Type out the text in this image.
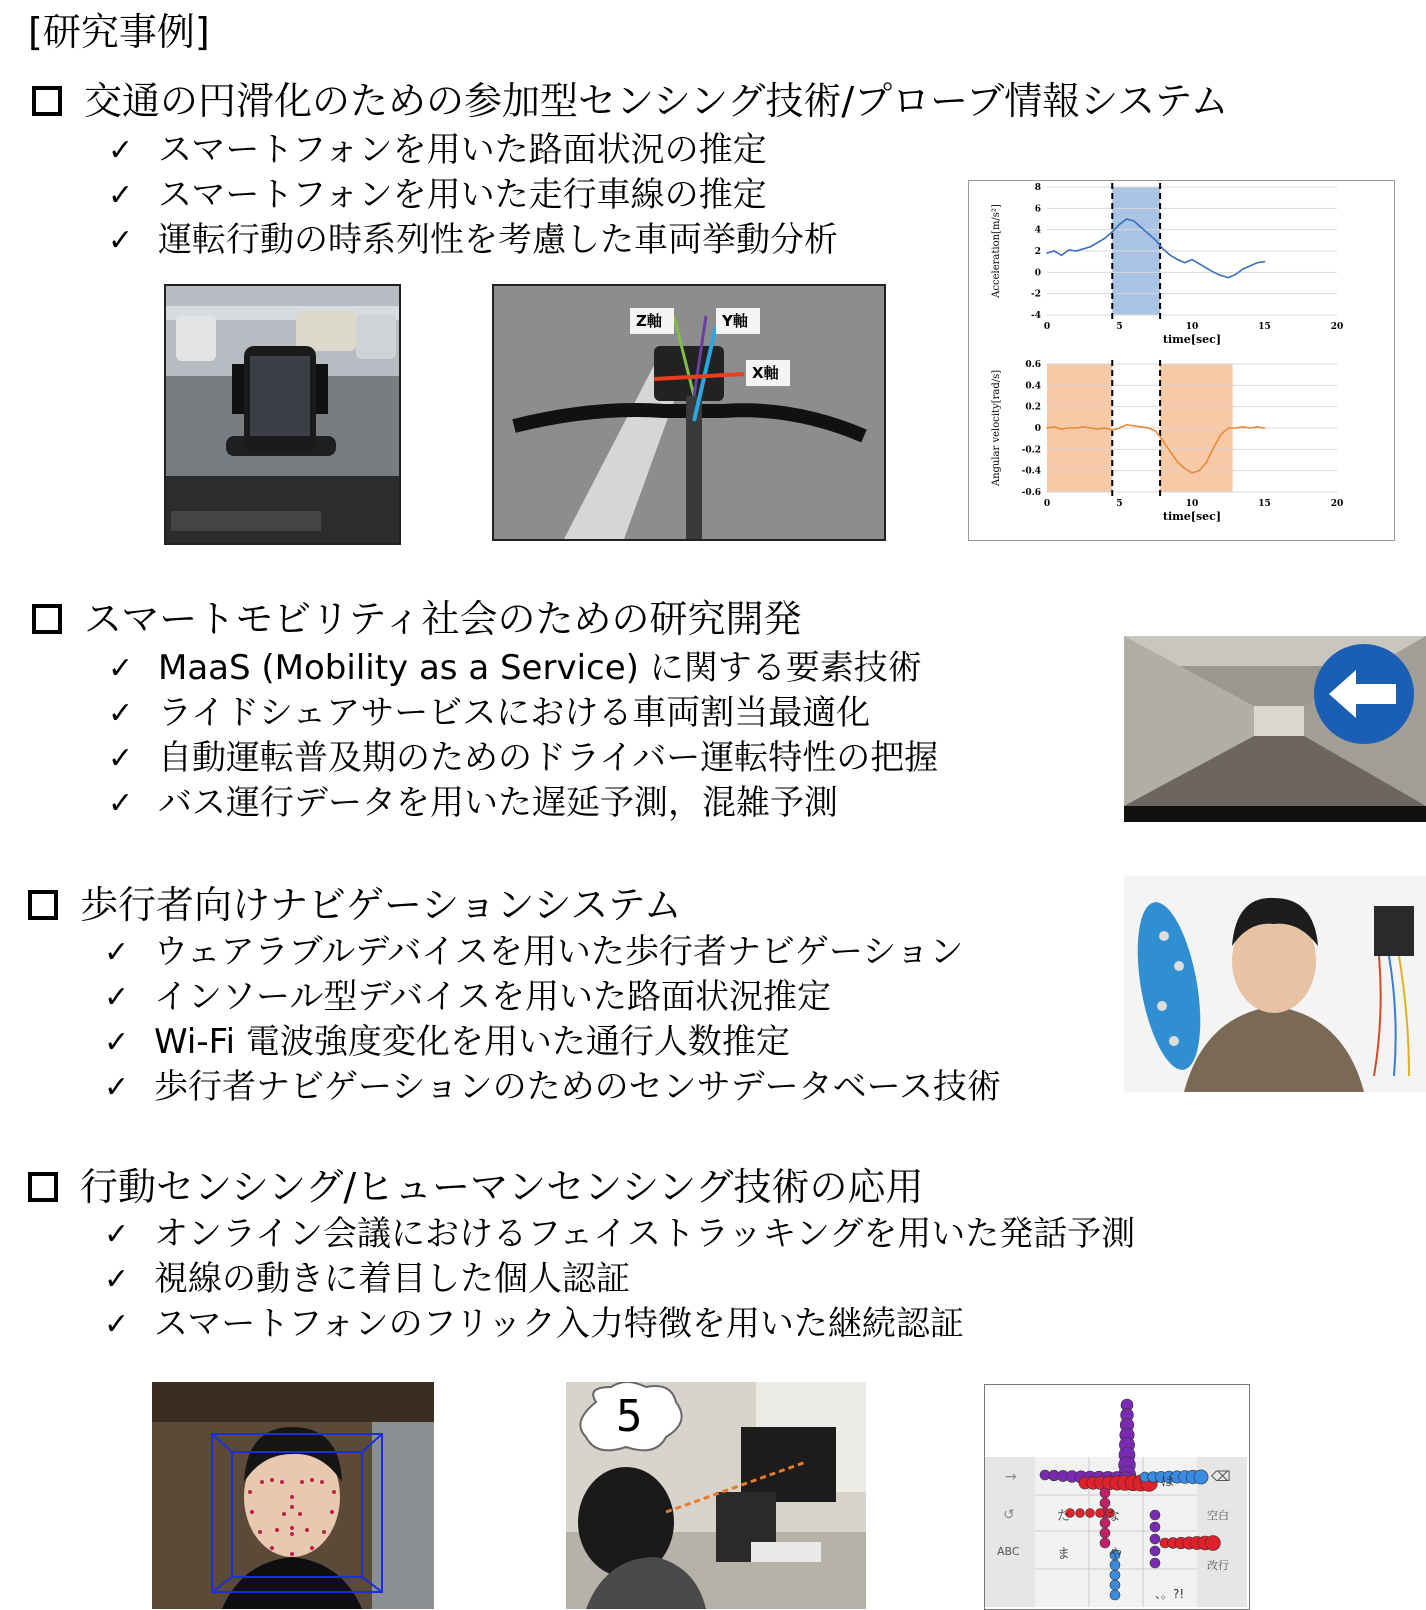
[研究事例]
交通の円滑化のための参加型センシング技術/プローブ情報システム
✓ スマートフォンを用いた路面状況の推定
✓ スマートフォンを用いた走行車線の推定
✓ 運転行動の時系列性を考慮した車両挙動分析
Z軸	Y軸
X軸
-4
-2
0
2
4
6
8
0	5	10	15	20
time[sec]
Acceleration[m/s²]
-0.6
-0.4
-0.2
0
0.2
0.4
0.6
0	5	10	15	20
time[sec]
Angular velocity[rad/s]
スマートモビリティ社会のための研究開発
✓ MaaS (Mobility as a Service) に関する要素技術
✓ ライドシェアサービスにおける車両割当最適化
✓ 自動運転普及期のためのドライバー運転特性の把握
✓ バス運行データを用いた遅延予測，混雑予測
歩行者向けナビゲーションシステム
✓ ウェアラブルデバイスを用いた歩行者ナビゲーション
✓ インソール型デバイスを用いた路面状況推定
✓ Wi-Fi 電波強度変化を用いた通行人数推定
✓ 歩行者ナビゲーションのためのセンサデータベース技術
行動センシング/ヒューマンセンシング技術の応用
✓ オンライン会議におけるフェイストラッキングを用いた発話予測
✓ 視線の動きに着目した個人認証
✓ スマートフォンのフリック入力特徴を用いた継続認証
5
→
↺
ABC
⌫
空白
改行
な
た
ま	や
は
、。?!
